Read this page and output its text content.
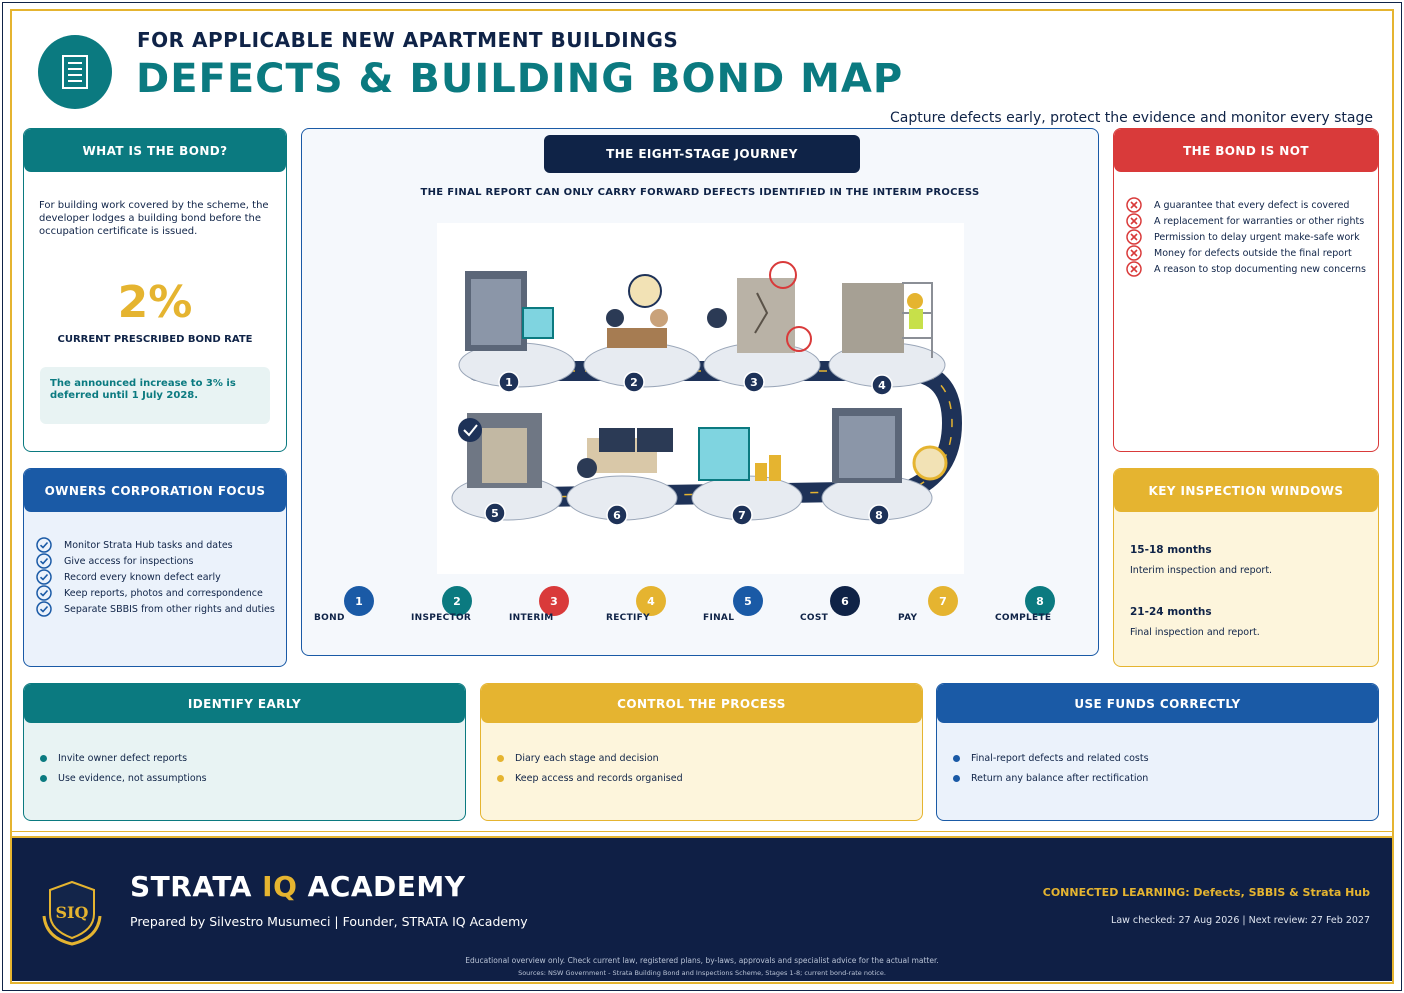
FOR APPLICABLE NEW APARTMENT BUILDINGS
DEFECTS & BUILDING BOND MAP
Capture defects early, protect the evidence and monitor every stage
WHAT IS THE BOND?
For building work covered by the scheme, the developer lodges a building bond before the occupation certificate is issued.
2%
CURRENT PRESCRIBED BOND RATE
The announced increase to 3% is deferred until 1 July 2028.
OWNERS CORPORATION FOCUS
Monitor Strata Hub tasks and dates
Give access for inspections
Record every known defect early
Keep reports, photos and correspondence
Separate SBBIS from other rights and duties
THE EIGHT-STAGE JOURNEY
THE FINAL REPORT CAN ONLY CARRY FORWARD DEFECTS IDENTIFIED IN THE INTERIM PROCESS
1	2	3	4
5	6	7	8
1
BOND
2
INSPECTOR
3
INTERIM
4
RECTIFY
5
FINAL
6
COST
7
PAY
8
COMPLETE
THE BOND IS NOT
A guarantee that every defect is covered
A replacement for warranties or other rights
Permission to delay urgent make-safe work
Money for defects outside the final report
A reason to stop documenting new concerns
KEY INSPECTION WINDOWS
15-18 months
Interim inspection and report.
21-24 months
Final inspection and report.
IDENTIFY EARLY
Invite owner defect reports
Use evidence, not assumptions
CONTROL THE PROCESS
Diary each stage and decision
Keep access and records organised
USE FUNDS CORRECTLY
Final-report defects and related costs
Return any balance after rectification
SIQ
STRATA IQ ACADEMY
Prepared by Silvestro Musumeci | Founder, STRATA IQ Academy
CONNECTED LEARNING: Defects, SBBIS & Strata Hub
Law checked: 27 Aug 2026 | Next review: 27 Feb 2027
Educational overview only. Check current law, registered plans, by-laws, approvals and specialist advice for the actual matter.
Sources: NSW Government - Strata Building Bond and Inspections Scheme, Stages 1-8; current bond-rate notice.
